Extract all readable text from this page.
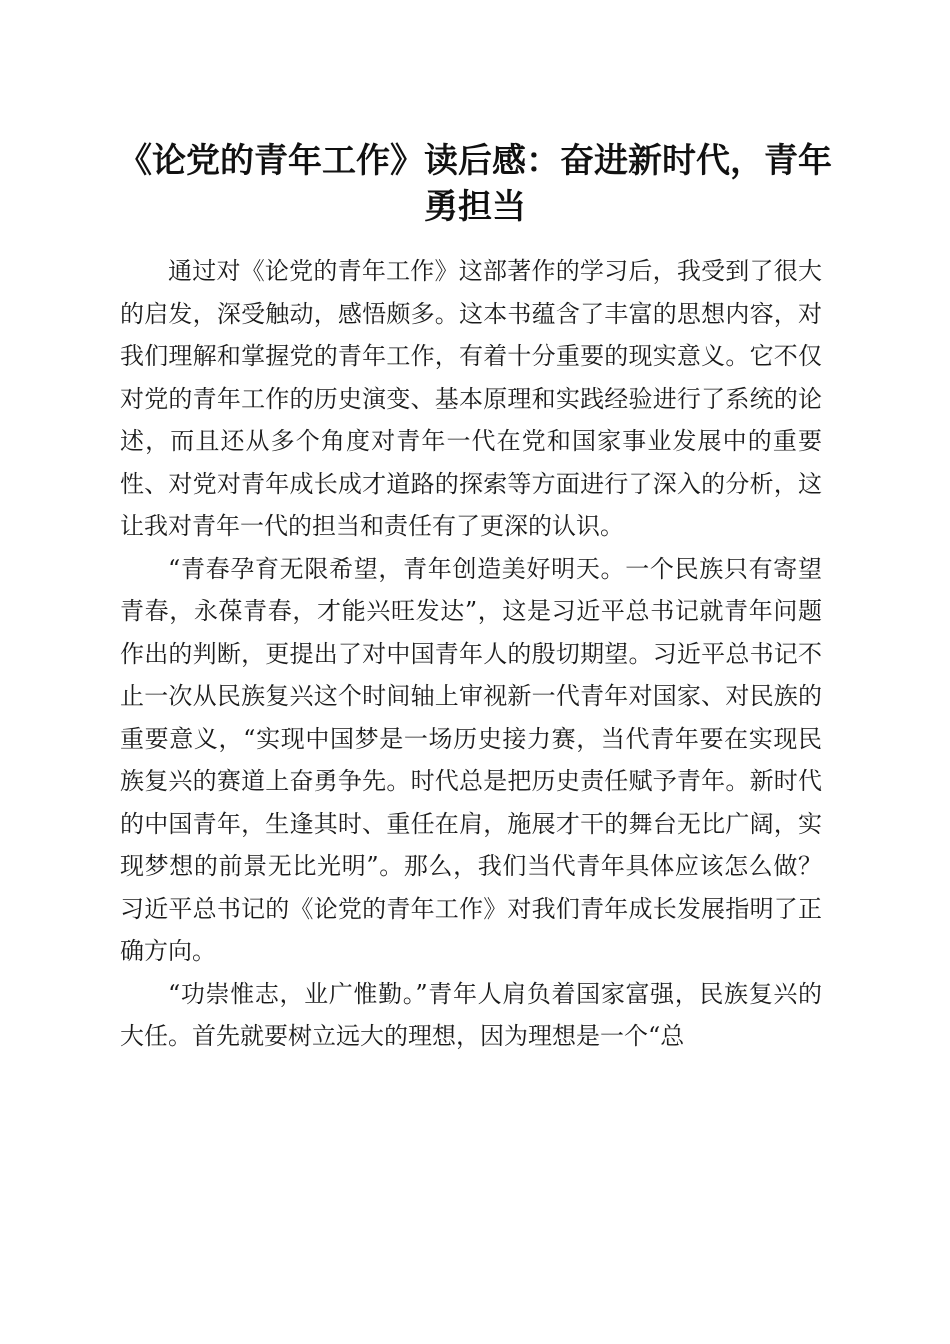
《论党的青年工作》读后感：奋进新时代，青年勇担当

通过对《论党的青年工作》这部著作的学习后，我受到了很大的启发，深受触动，感悟颇多。这本书蕴含了丰富的思想内容，对我们理解和掌握党的青年工作，有着十分重要的现实意义。它不仅对党的青年工作的历史演变、基本原理和实践经验进行了系统的论述，而且还从多个角度对青年一代在党和国家事业发展中的重要性、对党对青年成长成才道路的探索等方面进行了深入的分析，这让我对青年一代的担当和责任有了更深的认识。

“青春孕育无限希望，青年创造美好明天。一个民族只有寄望青春，永葆青春，才能兴旺发达”，这是习近平总书记就青年问题作出的判断，更提出了对中国青年人的殷切期望。习近平总书记不止一次从民族复兴这个时间轴上审视新一代青年对国家、对民族的重要意义，“实现中国梦是一场历史接力赛，当代青年要在实现民族复兴的赛道上奋勇争先。时代总是把历史责任赋予青年。新时代的中国青年，生逢其时、重任在肩，施展才干的舞台无比广阔，实现梦想的前景无比光明”。那么，我们当代青年具体应该怎么做？习近平总书记的《论党的青年工作》对我们青年成长发展指明了正确方向。

“功崇惟志，业广惟勤。”青年人肩负着国家富强，民族复兴的大任。首先就要树立远大的理想，因为理想是一个“总
